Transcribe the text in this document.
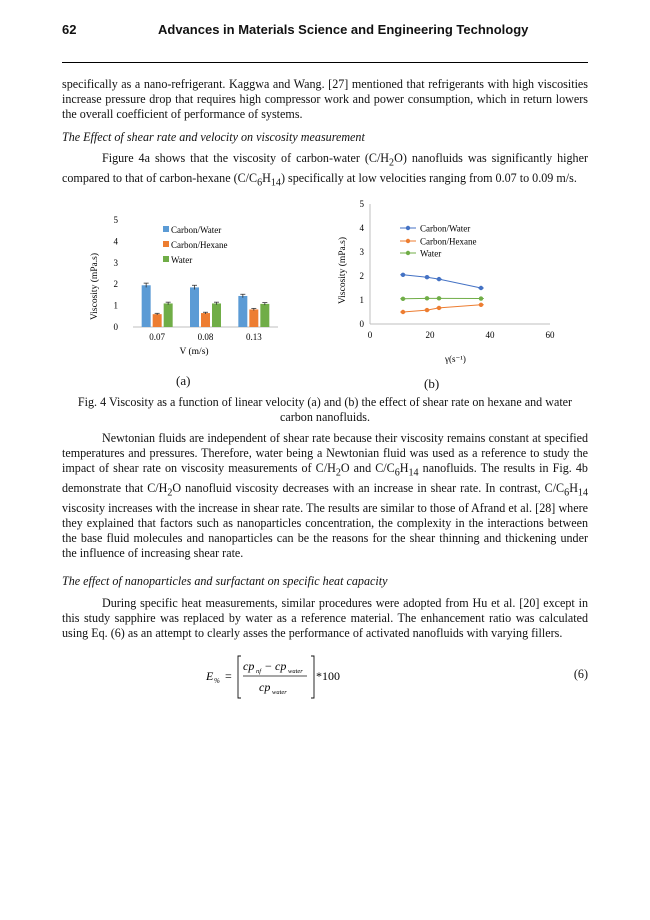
62	Advances in Materials Science and Engineering Technology

specifically as a nano-refrigerant. Kaggwa and Wang. [27] mentioned that refrigerants with high viscosities increase pressure drop that requires high compressor work and power consumption, which in return lowers the overall coefficient of performance of systems.

The Effect of shear rate and velocity on viscosity measurement

Figure 4a shows that the viscosity of carbon-water $(C/H_2O)$ nanofluids was significantly higher compared to that of carbon-hexane $(C/C_6H_{14})$ specifically at low velocities ranging from 0.07 to 0.09 m/s.

Viscosity (mPa.s)
V (m/s)
Carbon/Water
Carbon/Hexane
Water
0
1
2
3
4
5
0.07	0.08	0.13
(a)
Viscosity (mPa.s)
γ(s⁻¹)
Carbon/Water
Carbon/Hexane
Water
0
1
2
3
4
5
0	20	40	60
(b)

Fig. 4 Viscosity as a function of linear velocity (a) and (b) the effect of shear rate on hexane and water carbon nanofluids.

Newtonian fluids are independent of shear rate because their viscosity remains constant at specified temperatures and pressures. Therefore, water being a Newtonian fluid was used as a reference to study the impact of shear rate on viscosity measurements of $C/H_2O$ and $C/C_6H_{14}$ nanofluids. The results in Fig. 4b demonstrate that $C/H_2O$ nanofluid viscosity decreases with an increase in shear rate. In contrast, $C/C_6H_{14}$ viscosity increases with the increase in shear rate. The results are similar to those of Afrand et al. [28] where they explained that factors such as nanoparticles concentration, the complexity in the interactions between the base fluid molecules and nanoparticles can be the reasons for the shear thinning and thickening under the influence of increasing shear rate.

The effect of nanoparticles and surfactant on specific heat capacity

During specific heat measurements, similar procedures were adopted from Hu et al. [20] except in this study sapphire was replaced by water as a reference material. The enhancement ratio was calculated using Eq. (6) as an attempt to clearly asses the performance of activated nanofluids with varying fillers.

E % =
cp nf − cp water
cp water
*100	(6)
